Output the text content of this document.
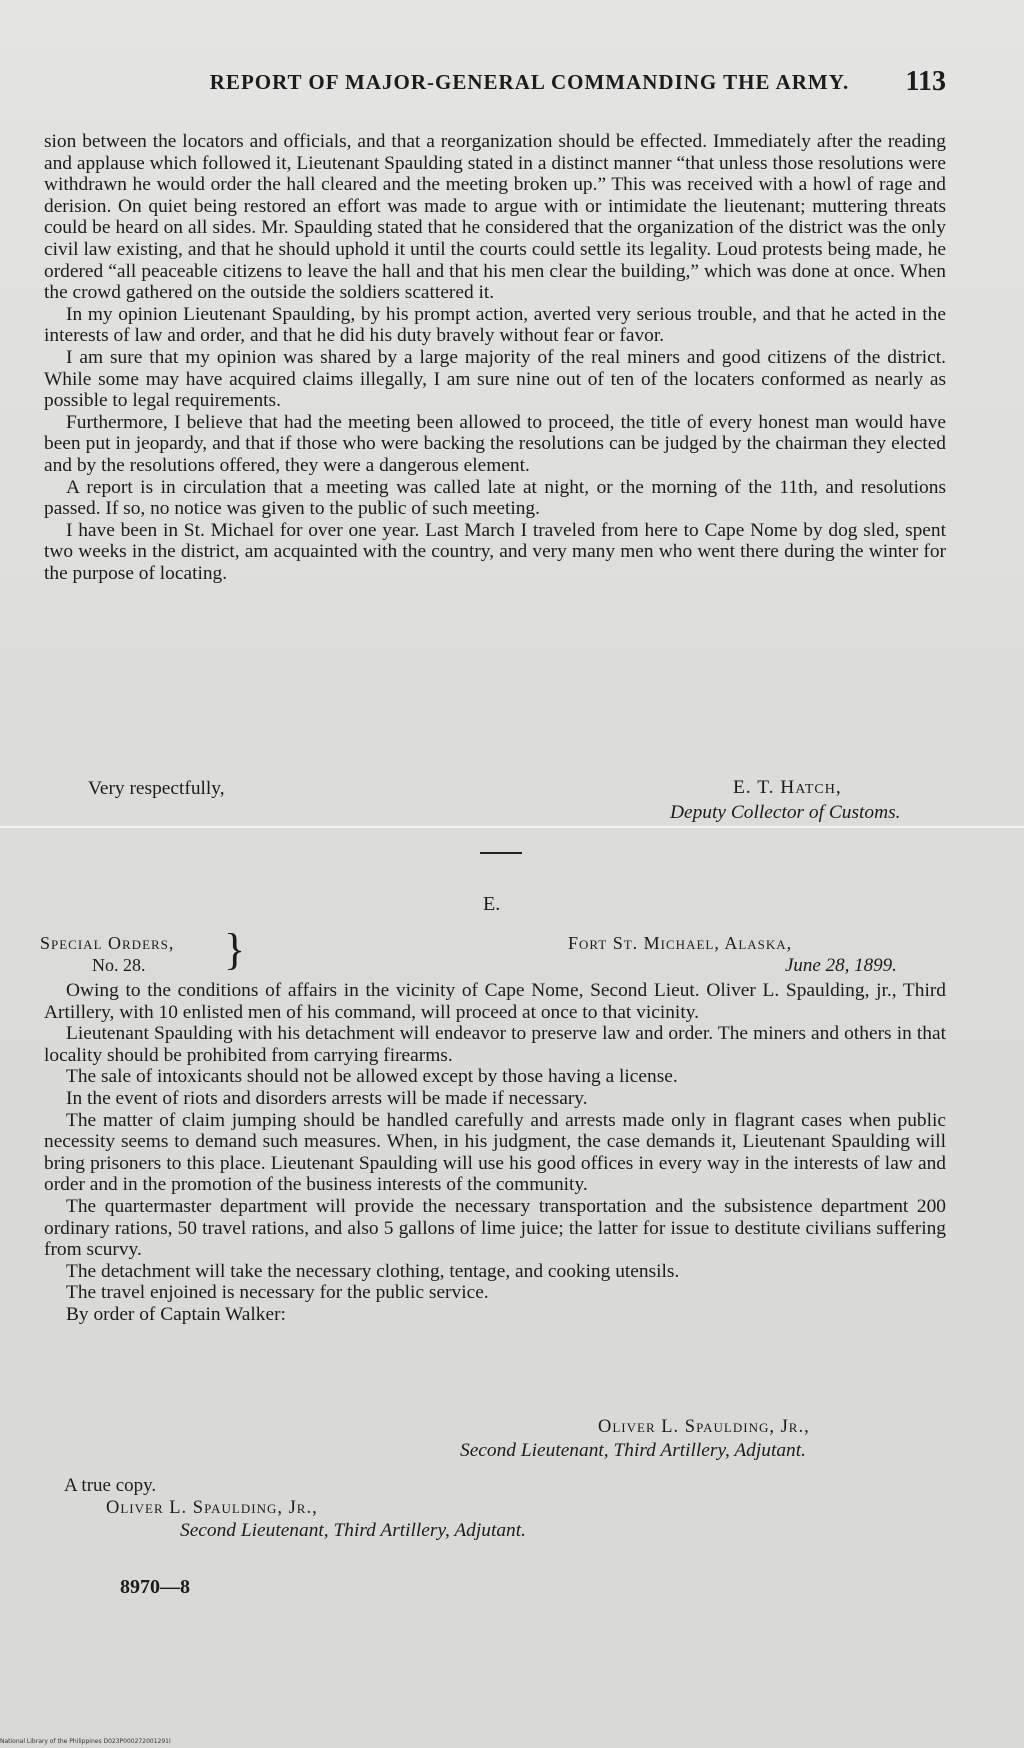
REPORT OF MAJOR-GENERAL COMMANDING THE ARMY.	113

sion between the locators and officials, and that a reorganization should be effected. Immediately after the reading and applause which followed it, Lieutenant Spaulding stated in a distinct manner “that unless those resolutions were withdrawn he would order the hall cleared and the meeting broken up.” This was received with a howl of rage and derision. On quiet being restored an effort was made to argue with or intimidate the lieutenant; muttering threats could be heard on all sides. Mr. Spaulding stated that he considered that the organization of the district was the only civil law existing, and that he should uphold it until the courts could settle its legality. Loud protests being made, he ordered “all peaceable citizens to leave the hall and that his men clear the building,” which was done at once. When the crowd gathered on the outside the soldiers scattered it.

In my opinion Lieutenant Spaulding, by his prompt action, averted very serious trouble, and that he acted in the interests of law and order, and that he did his duty bravely without fear or favor.

I am sure that my opinion was shared by a large majority of the real miners and good citizens of the district. While some may have acquired claims illegally, I am sure nine out of ten of the locaters conformed as nearly as possible to legal requirements.

Furthermore, I believe that had the meeting been allowed to proceed, the title of every honest man would have been put in jeopardy, and that if those who were backing the resolutions can be judged by the chairman they elected and by the resolutions offered, they were a dangerous element.

A report is in circulation that a meeting was called late at night, or the morning of the 11th, and resolutions passed. If so, no notice was given to the public of such meeting.

I have been in St. Michael for over one year. Last March I traveled from here to Cape Nome by dog sled, spent two weeks in the district, am acquainted with the country, and very many men who went there during the winter for the purpose of locating.

Very respectfully,	E. T. Hatch,
Deputy Collector of Customs.
E.
Special Orders,
No. 28. }	Fort St. Michael, Alaska,
June 28, 1899.

Owing to the conditions of affairs in the vicinity of Cape Nome, Second Lieut. Oliver L. Spaulding, jr., Third Artillery, with 10 enlisted men of his command, will proceed at once to that vicinity.

Lieutenant Spaulding with his detachment will endeavor to preserve law and order. The miners and others in that locality should be prohibited from carrying firearms.

The sale of intoxicants should not be allowed except by those having a license.

In the event of riots and disorders arrests will be made if necessary.

The matter of claim jumping should be handled carefully and arrests made only in flagrant cases when public necessity seems to demand such measures. When, in his judgment, the case demands it, Lieutenant Spaulding will bring prisoners to this place. Lieutenant Spaulding will use his good offices in every way in the interests of law and order and in the promotion of the business interests of the community.

The quartermaster department will provide the necessary transportation and the subsistence department 200 ordinary rations, 50 travel rations, and also 5 gallons of lime juice; the latter for issue to destitute civilians suffering from scurvy.

The detachment will take the necessary clothing, tentage, and cooking utensils.

The travel enjoined is necessary for the public service.

By order of Captain Walker:

Oliver L. Spaulding, Jr.,
Second Lieutenant, Third Artillery, Adjutant.
A true copy.
Oliver L. Spaulding, Jr.,
Second Lieutenant, Third Artillery, Adjutant.
8970—8
National Library of the Philippines D023P000272001291I
